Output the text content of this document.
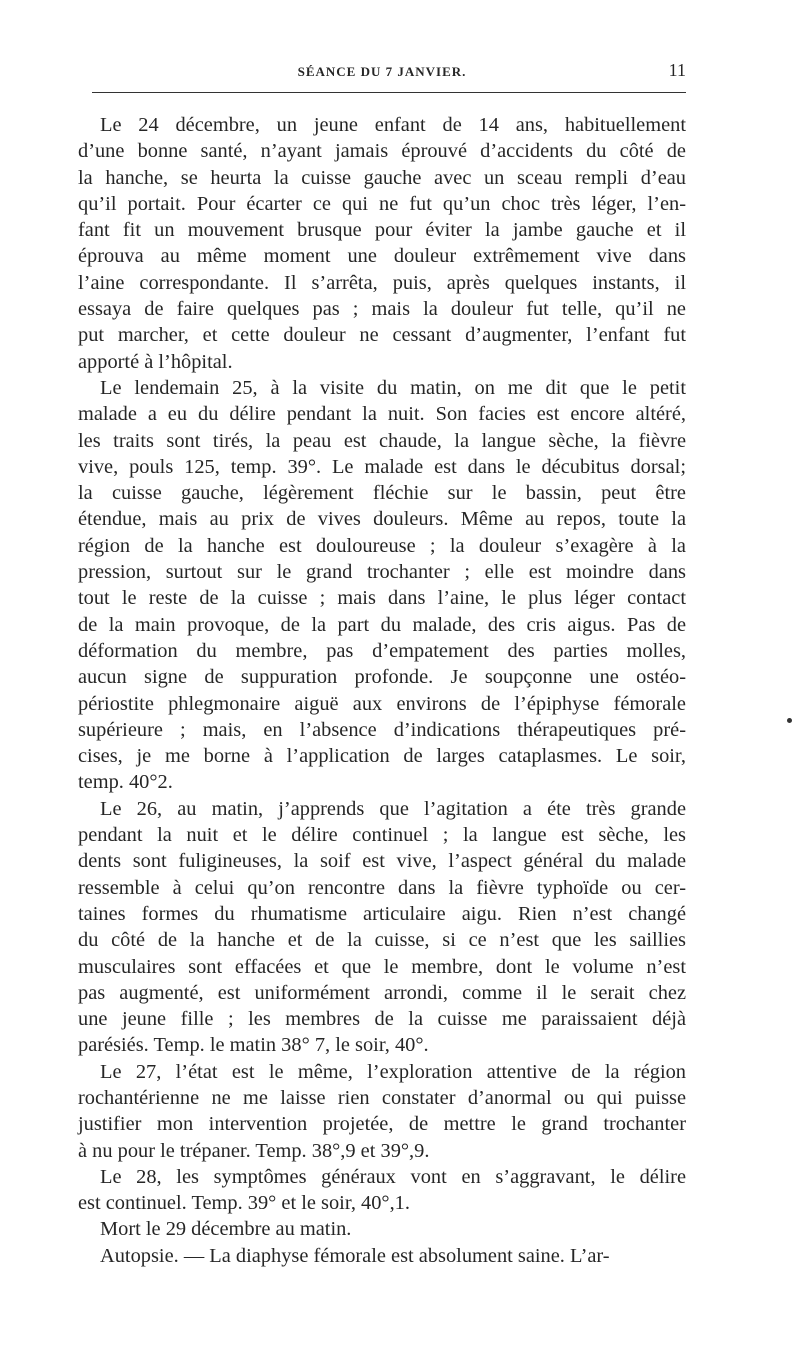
SÉANCE DU 7 JANVIER.	11

Le 24 décembre, un jeune enfant de 14 ans, habituellement
d’une bonne santé, n’ayant jamais éprouvé d’accidents du côté de
la hanche, se heurta la cuisse gauche avec un sceau rempli d’eau
qu’il portait. Pour écarter ce qui ne fut qu’un choc très léger, l’en-
fant fit un mouvement brusque pour éviter la jambe gauche et il
éprouva au même moment une douleur extrêmement vive dans
l’aine correspondante. Il s’arrêta, puis, après quelques instants, il
essaya de faire quelques pas ; mais la douleur fut telle, qu’il ne
put marcher, et cette douleur ne cessant d’augmenter, l’enfant fut
apporté à l’hôpital.

Le lendemain 25, à la visite du matin, on me dit que le petit
malade a eu du délire pendant la nuit. Son facies est encore altéré,
les traits sont tirés, la peau est chaude, la langue sèche, la fièvre
vive, pouls 125, temp. 39°. Le malade est dans le décubitus dorsal;
la cuisse gauche, légèrement fléchie sur le bassin, peut être
étendue, mais au prix de vives douleurs. Même au repos, toute la
région de la hanche est douloureuse ; la douleur s’exagère à la
pression, surtout sur le grand trochanter ; elle est moindre dans
tout le reste de la cuisse ; mais dans l’aine, le plus léger contact
de la main provoque, de la part du malade, des cris aigus. Pas de
déformation du membre, pas d’empatement des parties molles,
aucun signe de suppuration profonde. Je soupçonne une ostéo-
périostite phlegmonaire aiguë aux environs de l’épiphyse fémorale
supérieure ; mais, en l’absence d’indications thérapeutiques pré-
cises, je me borne à l’application de larges cataplasmes. Le soir,
temp. 40°2.

Le 26, au matin, j’apprends que l’agitation a éte très grande
pendant la nuit et le délire continuel ; la langue est sèche, les
dents sont fuligineuses, la soif est vive, l’aspect général du malade
ressemble à celui qu’on rencontre dans la fièvre typhoïde ou cer-
taines formes du rhumatisme articulaire aigu. Rien n’est changé
du côté de la hanche et de la cuisse, si ce n’est que les saillies
musculaires sont effacées et que le membre, dont le volume n’est
pas augmenté, est uniformément arrondi, comme il le serait chez
une jeune fille ; les membres de la cuisse me paraissaient déjà
parésiés. Temp. le matin 38° 7, le soir, 40°.

Le 27, l’état est le même, l’exploration attentive de la région
rochantérienne ne me laisse rien constater d’anormal ou qui puisse
justifier mon intervention projetée, de mettre le grand trochanter
à nu pour le trépaner. Temp. 38°,9 et 39°,9.

Le 28, les symptômes généraux vont en s’aggravant, le délire
est continuel. Temp. 39° et le soir, 40°,1.

Mort le 29 décembre au matin.

Autopsie. — La diaphyse fémorale est absolument saine. L’ar-
